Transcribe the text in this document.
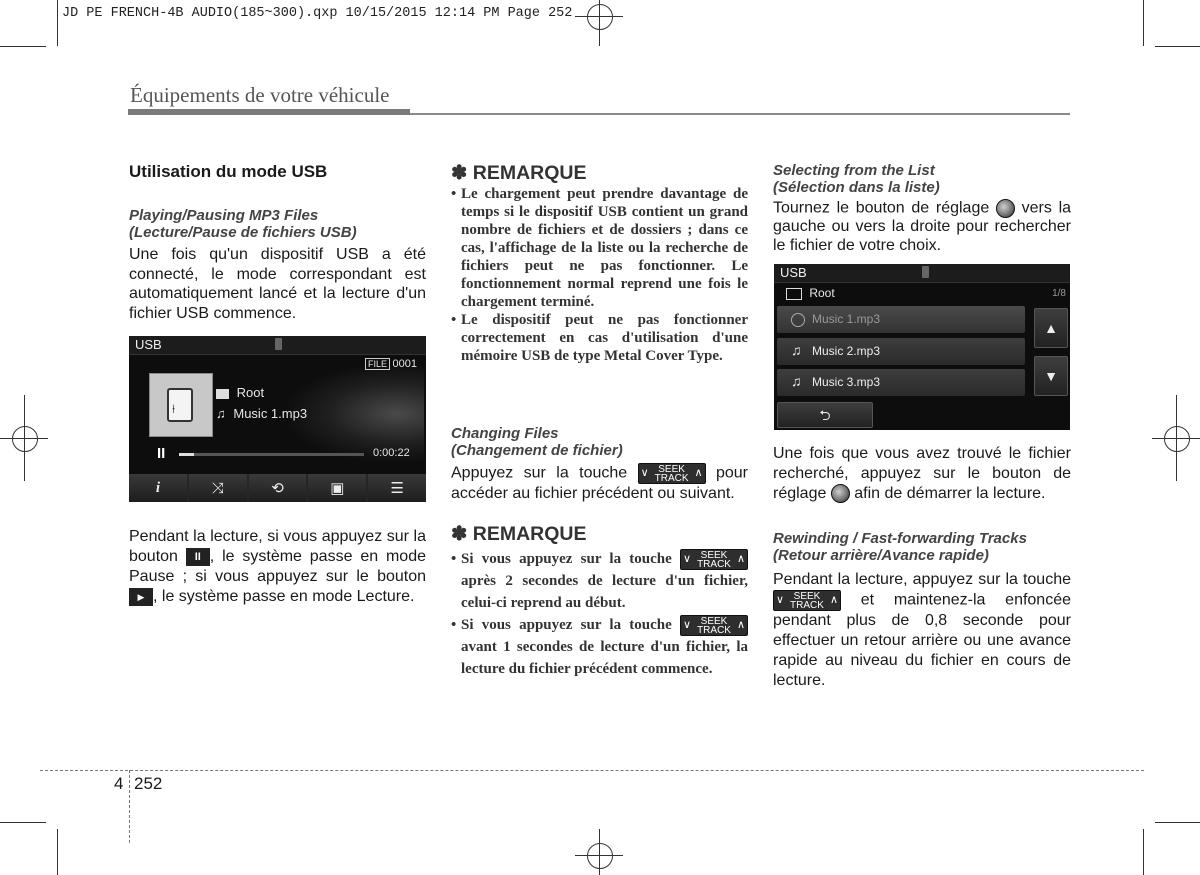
JD PE FRENCH-4B AUDIO(185~300).qxp 10/15/2015 12:14 PM Page 252
Équipements de votre véhicule
Utilisation du mode USB
Playing/Pausing MP3 Files
(Lecture/Pause de fichiers USB)
Une fois qu'un dispositif USB a été connecté, le mode correspondant est automatiquement lancé et la lecture d'un fichier USB commence.
USB
FILE 0001
⍿
Root
♫ Music 1.mp3
II	0:00:22
i	⤨	⟲	▣	☰
Pendant la lecture, si vous appuyez sur la bouton II , le système passe en mode Pause ; si vous appuyez sur le bouton ▶ , le système passe en mode Lecture.
✽ REMARQUE
• Le chargement peut prendre davantage de temps si le dispositif USB contient un grand nombre de fichiers et de dossiers ; dans ce cas, l'affichage de la liste ou la recherche de fichiers peut ne pas fonctionner. Le fonctionnement normal reprend une fois le chargement terminé.
• Le dispositif peut ne pas fonctionner correctement en cas d'utilisation d'une mémoire USB de type Metal Cover Type.
Changing Files
(Changement de fichier)
Appuyez sur la touche ∨ SEEK
TRACK ∧ pour accéder au fichier précédent ou suivant.
✽ REMARQUE
• Si vous appuyez sur la touche ∨ SEEK
TRACK ∧
après 2 secondes de lecture d'un fichier, celui-ci reprend au début.
• Si vous appuyez sur la touche ∨ SEEK
TRACK ∧
avant 1 secondes de lecture d'un fichier, la lecture du fichier précédent commence.
Selecting from the List
(Sélection dans la liste)
Tournez le bouton de réglage vers la gauche ou vers la droite pour rechercher le fichier de votre choix.
USB
Root	1/8
Music 1.mp3
♫ Music 2.mp3
♫ Music 3.mp3
▲
▼
⮌
Une fois que vous avez trouvé le fichier recherché, appuyez sur le bouton de réglage afin de démarrer la lecture.
Rewinding / Fast-forwarding Tracks
(Retour arrière/Avance rapide)
Pendant la lecture, appuyez sur la touche
∨ SEEK
TRACK ∧ et maintenez-la enfoncée pendant plus de 0,8 seconde pour effectuer un retour arrière ou une avance rapide au niveau du fichier en cours de lecture.
4 252
